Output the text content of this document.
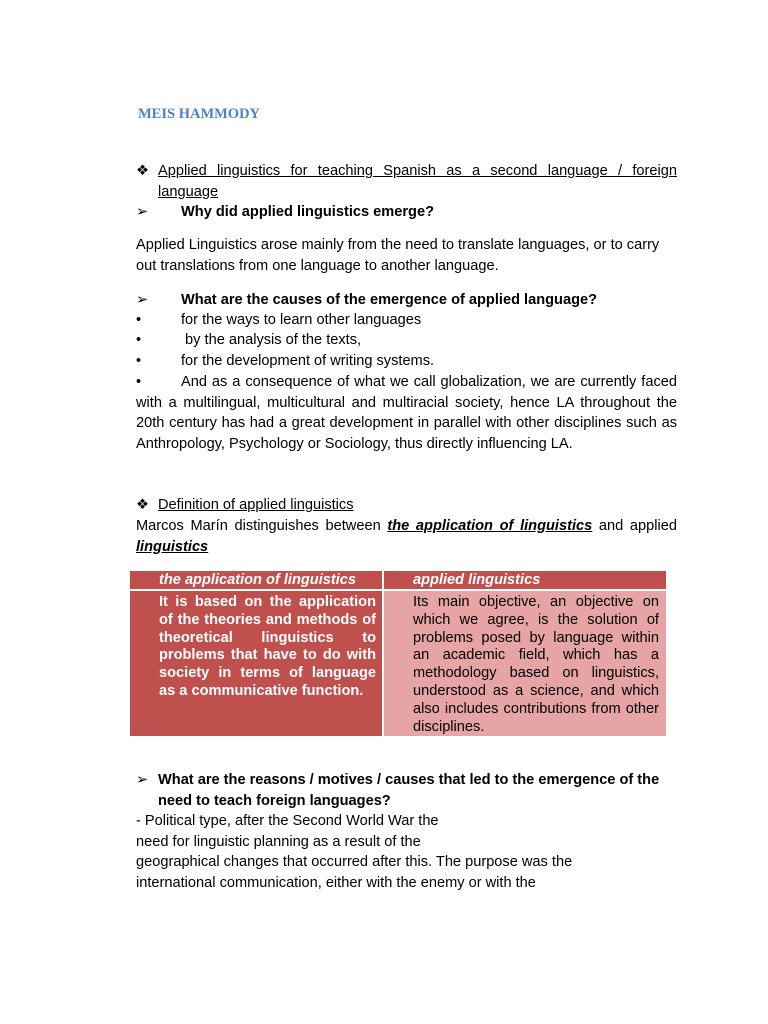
MEIS HAMMODY
❖ Applied linguistics for teaching Spanish as a second language / foreign language
➢	Why did applied linguistics emerge?
Applied Linguistics arose mainly from the need to translate languages, or to carry out translations from one language to another language.
➢	What are the causes of the emergence of applied language?
•	for the ways to learn other languages
•	by the analysis of the texts,
•	for the development of writing systems.
•	And as a consequence of what we call globalization, we are currently faced with a multilingual, multicultural and multiracial society, hence LA throughout the 20th century has had a great development in parallel with other disciplines such as Anthropology, Psychology or Sociology, thus directly influencing LA.
❖ Definition of applied linguistics
Marcos Marín distinguishes between the application of linguistics and applied linguistics
the application of linguistics		applied linguistics

It is based on the application of the theories and methods of theoretical linguistics to problems that have to do with society in terms of language as a communicative function.		Its main objective, an objective on which we agree, is the solution of problems posed by language within an academic field, which has a methodology based on linguistics, understood as a science, and which also includes contributions from other disciplines.
➢ What are the reasons / motives / causes that led to the emergence of the need to teach foreign languages?
- Political type, after the Second World War the
need for linguistic planning as a result of the
geographical changes that occurred after this. The purpose was the
international communication, either with the enemy or with the
